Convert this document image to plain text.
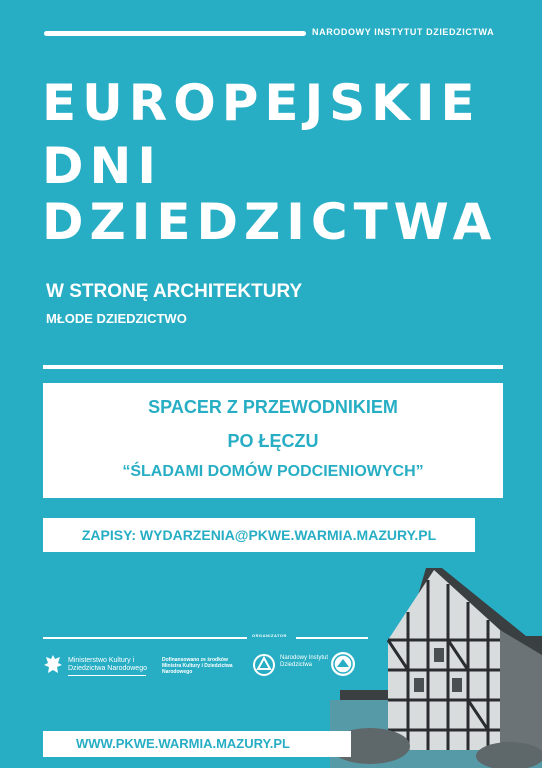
NARODOWY INSTYTUT DZIEDZICTWA
EUROPEJSKIE
DNI
DZIEDZICTWA
W STRONĘ ARCHITEKTURY
MŁODE DZIEDZICTWO
SPACER Z PRZEWODNIKIEM
PO ŁĘCZU
“ŚLADAMI DOMÓW PODCIENIOWYCH”
ZAPISY: WYDARZENIA@PKWE.WARMIA.MAZURY.PL
ORGANIZATOR
Ministerstwo Kultury i Dziedzictwa Narodowego
Dofinansowano ze środków Ministra Kultury i Dziedzictwa Narodowego
Narodowy Instytut Dziedzictwa
WWW.PKWE.WARMIA.MAZURY.PL
